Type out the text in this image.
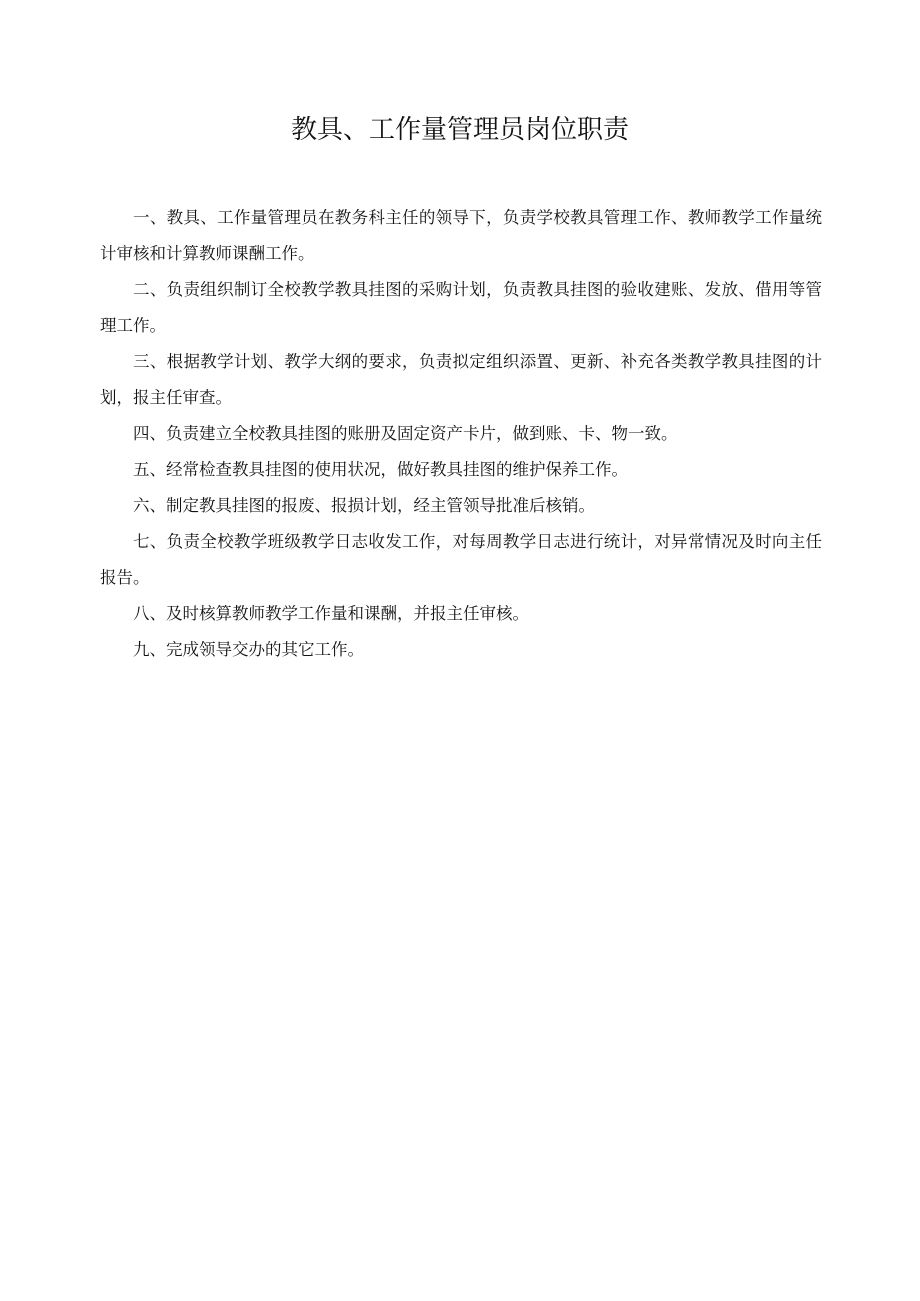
教具、工作量管理员岗位职责

一、教具、工作量管理员在教务科主任的领导下，负责学校教具管理工作、教师教学工作量统计审核和计算教师课酬工作。

二、负责组织制订全校教学教具挂图的采购计划，负责教具挂图的验收建账、发放、借用等管理工作。

三、根据教学计划、教学大纲的要求，负责拟定组织添置、更新、补充各类教学教具挂图的计划，报主任审查。

四、负责建立全校教具挂图的账册及固定资产卡片，做到账、卡、物一致。

五、经常检查教具挂图的使用状况，做好教具挂图的维护保养工作。

六、制定教具挂图的报废、报损计划，经主管领导批准后核销。

七、负责全校教学班级教学日志收发工作，对每周教学日志进行统计，对异常情况及时向主任报告。

八、及时核算教师教学工作量和课酬，并报主任审核。

九、完成领导交办的其它工作。
